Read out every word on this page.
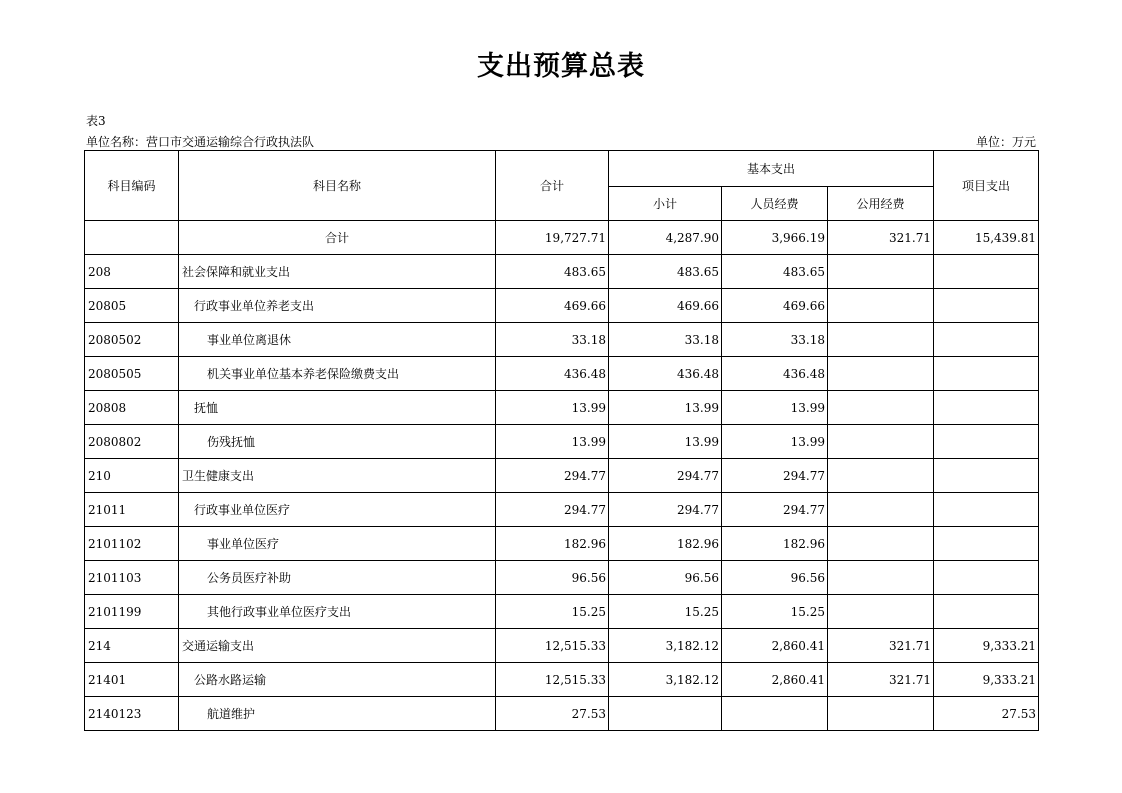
支出预算总表
表3
单位名称：营口市交通运输综合行政执法队	单位：万元
科目编码	科目名称	合计	基本支出			项目支出
			小计	人员经费	公用经费	
	合计	19,727.71	4,287.90	3,966.19	321.71	15,439.81
208	社会保障和就业支出	483.65	483.65	483.65		
20805	行政事业单位养老支出	469.66	469.66	469.66		
2080502	事业单位离退休	33.18	33.18	33.18		
2080505	机关事业单位基本养老保险缴费支出	436.48	436.48	436.48		
20808	抚恤	13.99	13.99	13.99		
2080802	伤残抚恤	13.99	13.99	13.99		
210	卫生健康支出	294.77	294.77	294.77		
21011	行政事业单位医疗	294.77	294.77	294.77		
2101102	事业单位医疗	182.96	182.96	182.96		
2101103	公务员医疗补助	96.56	96.56	96.56		
2101199	其他行政事业单位医疗支出	15.25	15.25	15.25		
214	交通运输支出	12,515.33	3,182.12	2,860.41	321.71	9,333.21
21401	公路水路运输	12,515.33	3,182.12	2,860.41	321.71	9,333.21
2140123	航道维护	27.53				27.53
